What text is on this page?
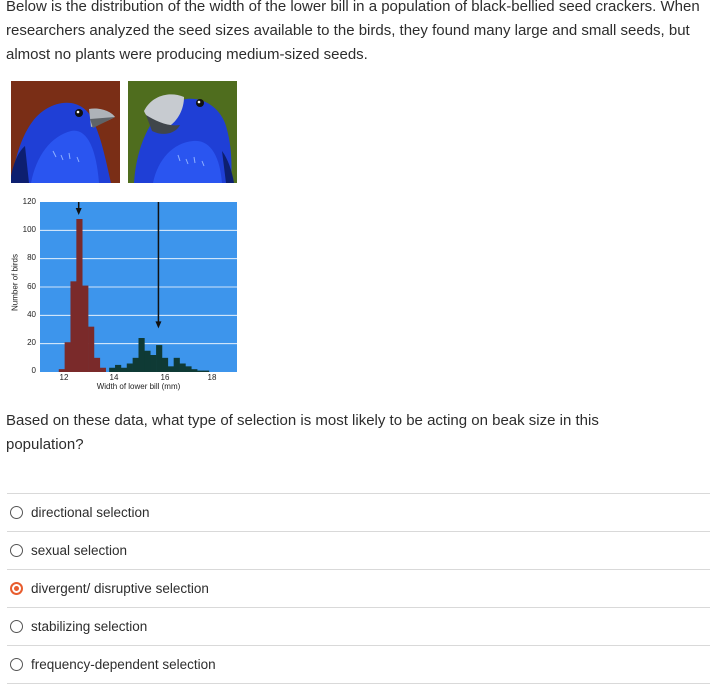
Below is the distribution of the width of the lower bill in a population of black-bellied seed crackers. When researchers analyzed the seed sizes available to the birds, they found many large and small seeds, but almost no plants were producing medium-sized seeds.

120
100
80
60
40
20
0
Number of birds
12	14	16	18
Width of lower bill (mm)

Based on these data, what type of selection is most likely to be acting on beak size in this population?

directional selection
sexual selection
divergent/ disruptive selection
stabilizing selection
frequency-dependent selection
